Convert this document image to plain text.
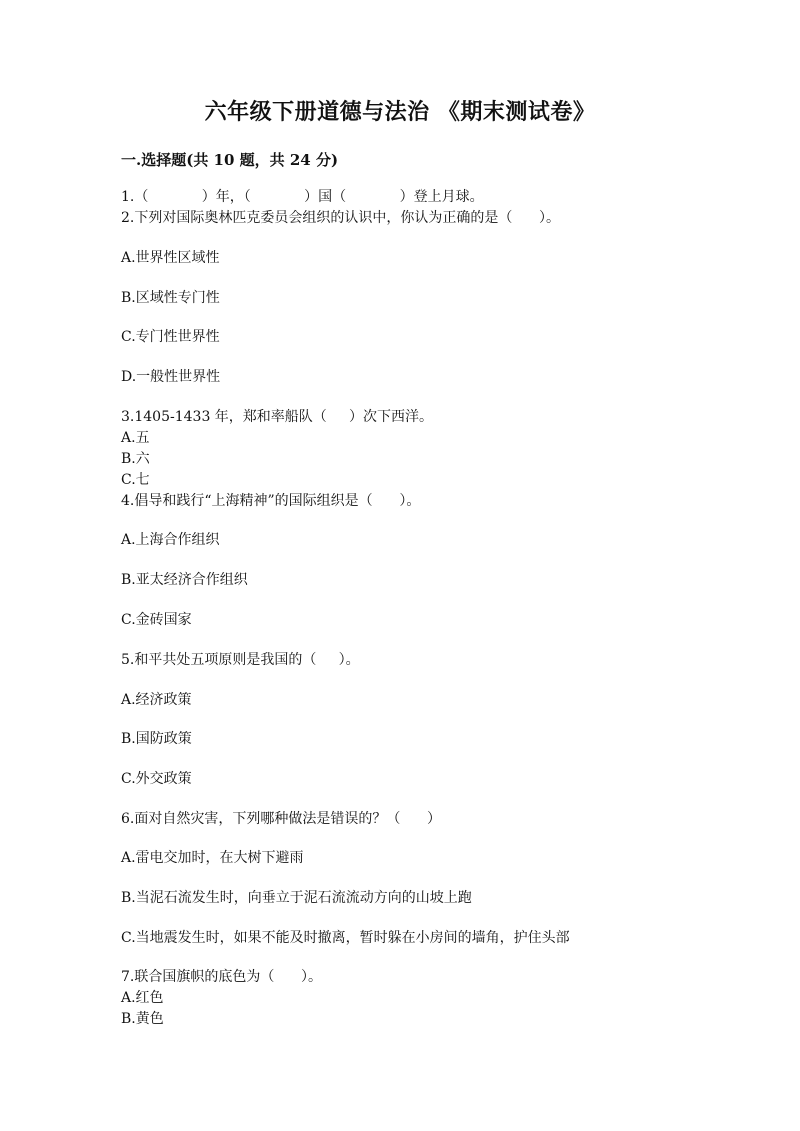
六年级下册道德与法治 《期末测试卷》
一.选择题(共 10 题，共 24 分)
1.（            ）年，（            ）国（            ）登上月球。
2.下列对国际奥林匹克委员会组织的认识中，你认为正确的是（      ）。
A.世界性区域性
B.区域性专门性
C.专门性世界性
D.一般性世界性
3.1405-1433 年，郑和率船队（     ）次下西洋。
A.五
B.六
C.七
4.倡导和践行“上海精神”的国际组织是（      ）。
A.上海合作组织
B.亚太经济合作组织
C.金砖国家
5.和平共处五项原则是我国的（     ）。
A.经济政策
B.国防政策
C.外交政策
6.面对自然灾害，下列哪种做法是错误的？（      ）
A.雷电交加时，在大树下避雨
B.当泥石流发生时，向垂立于泥石流流动方向的山坡上跑
C.当地震发生时，如果不能及时撤离，暂时躲在小房间的墙角，护住头部
7.联合国旗帜的底色为（      ）。
A.红色
B.黄色
